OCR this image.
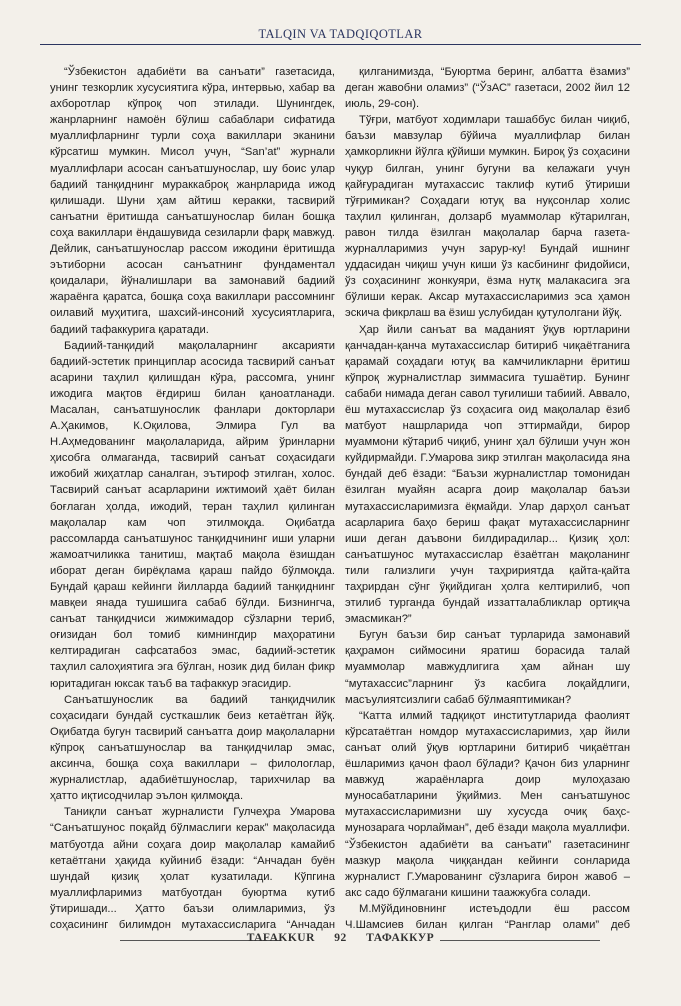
TALQIN VA TADQIQOTLAR

“Ўзбекистон адабиёти ва санъати” газетасида, унинг тезкорлик хусусиятига кўра, интервью, хабар ва ахборотлар кўпроқ чоп этилади. Шунингдек, жанрларнинг намоён бўлиш сабаблари сифатида муаллифларнинг турли соҳа вакиллари эканини кўрсатиш мумкин. Мисол учун, “San’at” журнали муаллифлари асосан санъатшунослар, шу боис улар бадиий танқиднинг мураккаброқ жанрларида ижод қилишади. Шуни ҳам айтиш керакки, тасвирий санъатни ёритишда санъатшунослар билан бошқа соҳа вакиллари ёндашувида сезиларли фарқ мавжуд. Дейлик, санъатшунослар рассом ижодини ёритишда эътиборни асосан санъатнинг фундаментал қоидалари, йўналишлари ва замонавий бадиий жараёнга қаратса, бошқа соҳа вакиллари рассомнинг оилавий муҳитига, шахсий-инсоний хусусиятларига, бадиий тафаккурига қаратади.

Бадиий-танқидий мақолаларнинг аксарияти бадиий-эстетик принциплар асосида тасвирий санъат асарини таҳлил қилишдан кўра, рассомга, унинг ижодига мақтов ёғдириш билан қаноатланади. Масалан, санъатшунослик фанлари докторлари А.Ҳакимов, К.Оқилова, Элмира Гул ва Н.Аҳмедованинг мақолаларида, айрим ўринларни ҳисобга олмаганда, тасвирий санъат соҳасидаги ижобий жиҳатлар саналган, эътироф этилган, холос. Тасвирий санъат асарларини ижтимоий ҳаёт билан боғлаган ҳолда, ижодий, теран таҳлил қилинган мақолалар кам чоп этилмоқда. Оқибатда рассомларда санъатшунос танқидчининг иши уларни жамоатчиликка танитиш, мақтаб мақола ёзишдан иборат деган бирёқлама қараш пайдо бўлмоқда. Бундай қараш кейинги йилларда бадиий танқиднинг мавқеи янада тушишига сабаб бўлди. Бизнингча, санъат танқидчиси жимжимадор сўзларни териб, оғизидан бол томиб кимнингдир маҳоратини келтирадиган сафсатабоз эмас, бадиий-эстетик таҳлил салоҳиятига эга бўлган, нозик дид билан фикр юритадиган юксак таъб ва тафаккур эгасидир.

Санъатшунослик ва бадиий танқидчилик соҳасидаги бундай сусткашлик беиз кетаётган йўқ. Оқибатда бугун тасвирий санъатга доир мақолаларни кўпроқ санъатшунослар ва танқидчилар эмас, аксинча, бошқа соҳа вакиллари – филологлар, журналистлар, адабиётшунослар, тарихчилар ва ҳатто иқтисодчилар эълон қилмоқда.

Таниқли санъат журналисти Гулчеҳра Умарова “Санъатшунос поқайд бўлмаслиги керак” мақоласида матбуотда айни соҳага доир мақолалар камайиб кетаётгани ҳақида куйиниб ёзади: “Анчадан буён шундай қизиқ ҳолат кузатилади. Кўпгина муаллифларимиз матбуотдан буюртма кутиб ўтиришади... Ҳатто баъзи олимларимиз, ўз соҳасининг билимдон мутахассисларига “Анчадан

қилганимизда, “Буюртма беринг, албатта ёзамиз” деган жавобни оламиз” (“ЎзАС” газетаси, 2002 йил 12 июль, 29-сон).

Тўғри, матбуот ходимлари ташаббус билан чиқиб, баъзи мавзулар бўйича муаллифлар билан ҳамкорликни йўлга қўйиши мумкин. Бироқ ўз соҳасини чуқур билган, унинг бугуни ва келажаги учун қайғурадиган мутахассис таклиф кутиб ўтириши тўғримикан? Соҳадаги ютуқ ва нуқсонлар холис таҳлил қилинган, долзарб муаммолар кўтарилган, равон тилда ёзилган мақолалар барча газета-журналларимиз учун зарур-ку! Бундай ишнинг уддасидан чиқиш учун киши ўз касбининг фидойиси, ўз соҳасининг жонкуяри, ёзма нутқ малакасига эга бўлиши керак. Аксар мутахассисларимиз эса ҳамон эскича фикрлаш ва ёзиш услубидан қутулолгани йўқ.

Ҳар йили санъат ва маданият ўқув юртларини қанчадан-қанча мутахассислар битириб чиқаётганига қарамай соҳадаги ютуқ ва камчиликларни ёритиш кўпроқ журналистлар зиммасига тушаётир. Бунинг сабаби нимада деган савол туғилиши табиий. Аввало, ёш мутахассислар ўз соҳасига оид мақолалар ёзиб матбуот нашрларида чоп эттирмайди, бирор муаммони кўтариб чиқиб, унинг ҳал бўлиши учун жон куйдирмайди. Г.Умарова зикр этилган мақоласида яна бундай деб ёзади: “Баъзи журналистлар томонидан ёзилган муайян асарга доир мақолалар баъзи мутахассисларимизга ёқмайди. Улар дарҳол санъат асарларига баҳо бериш фақат мутахассисларнинг иши деган даъвони билдирадилар... Қизиқ ҳол: санъатшунос мутахассислар ёзаётган мақоланинг тили гализлиги учун таҳририятда қайта-қайта таҳрирдан сўнг ўқийдиган ҳолга келтирилиб, чоп этилиб турганда бундай иззатталабликлар ортиқча эмасмикан?”

Бугун баъзи бир санъат турларида замонавий қаҳрамон сиймосини яратиш борасида талай муаммолар мавжудлигига ҳам айнан шу “мутахассис”ларнинг ўз касбига лоқайдлиги, масъулиятсизлиги сабаб бўлмаяптимикан?

“Катта илмий тадқиқот институтларида фаолият кўрсатаётган номдор мутахассисларимиз, ҳар йили санъат олий ўқув юртларини битириб чиқаётган ёшларимиз қачон фаол бўлади? Қачон биз уларнинг мавжуд жараёнларга доир мулоҳазаю муносабатларини ўқиймиз. Мен санъатшунос мутахассисларимизни шу хусусда очиқ баҳс-мунозарага чорлайман”, деб ёзади мақола муаллифи. “Ўзбекистон адабиёти ва санъати” газетасининг мазкур мақола чиққандан кейинги сонларида журналист Г.Умарованинг сўзларига бирон жавоб – акс садо бўлмагани кишини таажжубга солади.

М.Мўйдиновнинг истеъдодли ёш рассом Ч.Шамсиев билан қилган “Ранглар олами” деб

TAFAKKUR 92 ТАФАККУР
